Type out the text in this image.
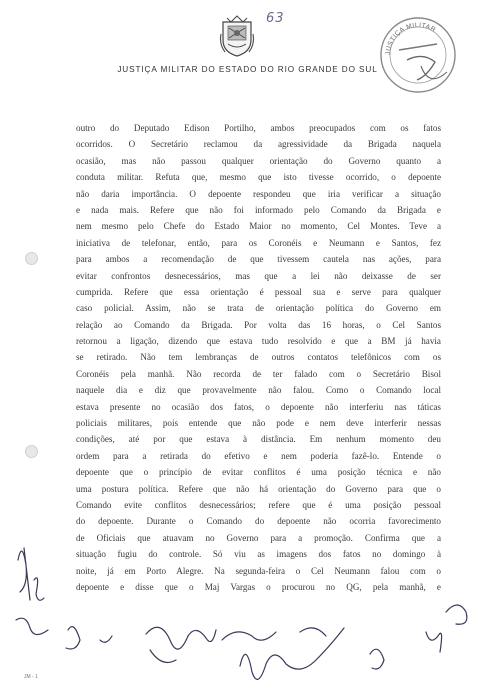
63
JUSTIÇA MILITAR DO ESTADO DO RIO GRANDE DO SUL
JUSTIÇA MILITAR
outro do Deputado Edison Portilho, ambos preocupados com os fatos
ocorridos. O Secretário reclamou da agressividade da Brigada naquela
ocasião, mas não passou qualquer orientação do Governo quanto a
conduta militar. Refuta que, mesmo que isto tivesse ocorrido, o depoente
não daria importância. O depoente respondeu que iria verificar a situação
e nada mais. Refere que não foi informado pelo Comando da Brigada e
nem mesmo pelo Chefe do Estado Maior no momento, Cel Montes. Teve a
iniciativa de telefonar, então, para os Coronéis e Neumann e Santos, fez
para ambos a recomendação de que tivessem cautela nas ações, para
evitar confrontos desnecessários, mas que a lei não deixasse de ser
cumprida. Refere que essa orientação é pessoal sua e serve para qualquer
caso policial. Assim, não se trata de orientação política do Governo em
relação ao Comando da Brigada. Por volta das 16 horas, o Cel Santos
retornou a ligação, dizendo que estava tudo resolvido e que a BM já havia
se retirado. Não tem lembranças de outros contatos telefônicos com os
Coronéis pela manhã. Não recorda de ter falado com o Secretário Bisol
naquele dia e diz que provavelmente não falou. Como o Comando local
estava presente no ocasião dos fatos, o depoente não interferiu nas táticas
policiais militares, pois entende que não pode e nem deve interferir nessas
condições, até por que estava à distância. Em nenhum momento deu
ordem para a retirada do efetivo e nem poderia fazê-lo. Entende o
depoente que o princípio de evitar conflitos é uma posição técnica e não
uma postura política. Refere que não há orientação do Governo para que o
Comando evite conflitos desnecessários; refere que é uma posição pessoal
do depoente. Durante o Comando do depoente não ocorria favorecimento
de Oficiais que atuavam no Governo para a promoção. Confirma que a
situação fugiu do controle. Só viu as imagens dos fatos no domingo à
noite, já em Porto Alegre. Na segunda-feira o Cel Neumann falou com o
depoente e disse que o Maj Vargas o procurou no QG, pela manhã, e
JM - 1
